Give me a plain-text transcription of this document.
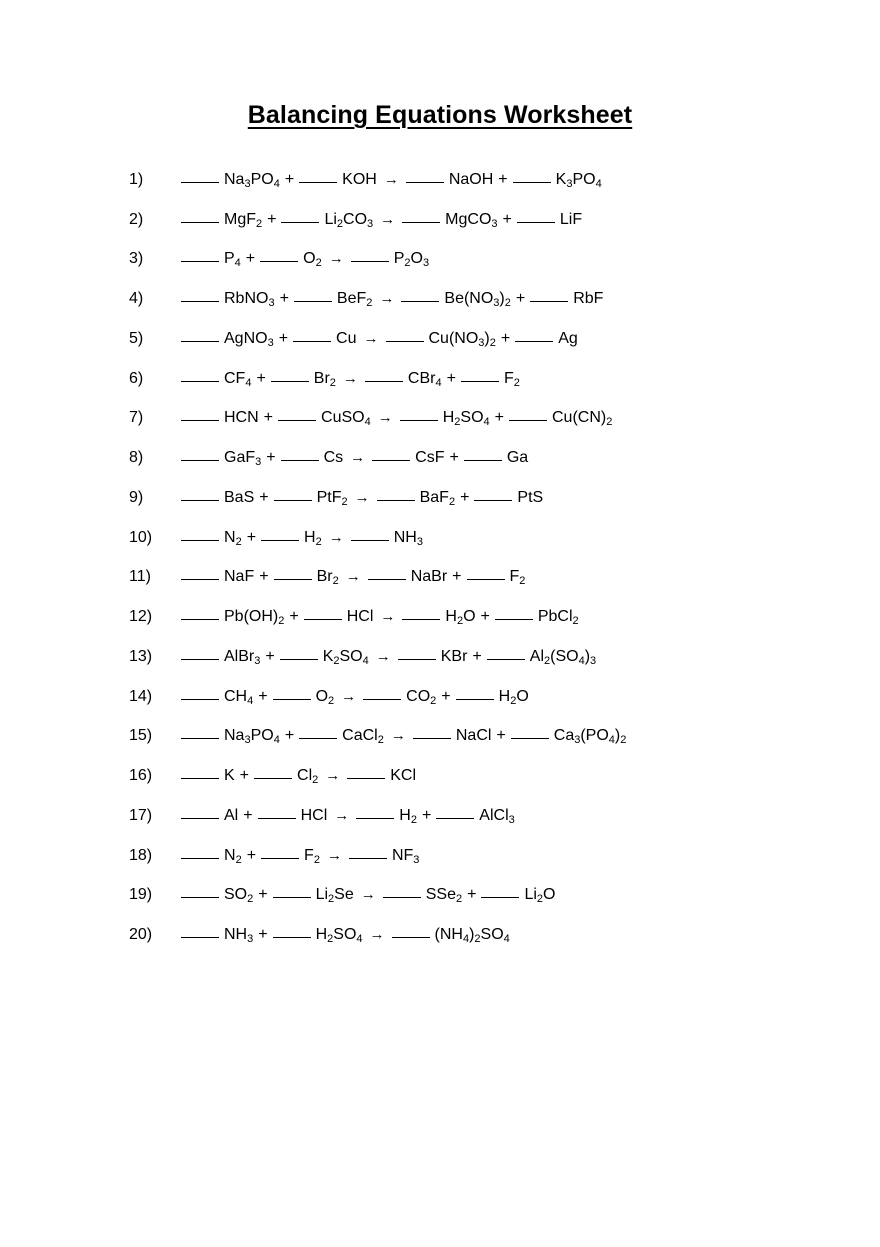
Balancing Equations Worksheet
1)	$Na_3PO_4$ +	KOH →	NaOH +	$K_3PO_4$
2)	MgF$_2$ +	$Li_2CO_3$ →	MgCO$_3$ +	LiF
3)	$P_4$ +	$O_2$ →	$P_2O_3$
4)	RbNO$_3$ +	BeF$_2$ →	$Be(NO_3)_2$ +	RbF
5)	AgNO$_3$ +	Cu →	$Cu(NO_3)_2$ +	Ag
6)	$CF_4$ +	$Br_2$ →	CBr$_4$ +	$F_2$
7)	HCN +	CuSO$_4$ →	$H_2SO_4$ +	$Cu(CN)_2$
8)	GaF$_3$ +	Cs →	CsF +	Ga
9)	BaS +	PtF$_2$ →	BaF$_2$ +	PtS
10)	$N_2$ +	$H_2$ →	$NH_3$
11)	NaF +	$Br_2$ →	NaBr +	$F_2$
12)	$Pb(OH)_2$ +	HCl →	$H_2O$ +	PbCl$_2$
13)	AlBr$_3$ +	$K_2SO_4$ →	KBr +	$Al_2(SO_4)_3$
14)	$CH_4$ +	$O_2$ →	$CO_2$ +	$H_2O$
15)	$Na_3PO_4$ +	CaCl$_2$ →	NaCl +	$Ca_3(PO_4)_2$
16)	K +	$Cl_2$ →	KCl
17)	Al +	HCl →	$H_2$ +	AlCl$_3$
18)	$N_2$ +	$F_2$ →	$NF_3$
19)	$SO_2$ +	$Li_2Se$ →	SSe$_2$ +	$Li_2O$
20)	$NH_3$ +	$H_2SO_4$ →	$(NH_4)_2SO_4$
